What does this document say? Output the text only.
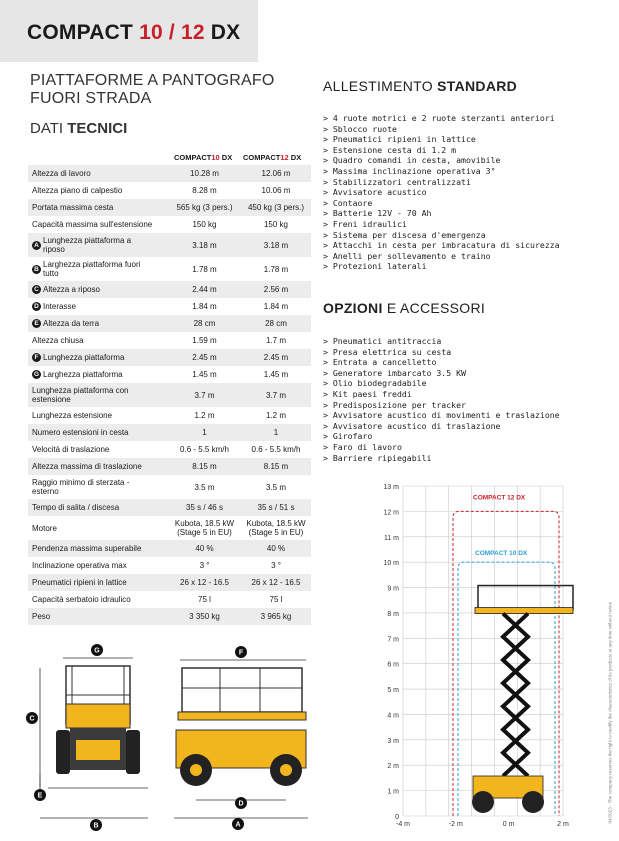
COMPACT 10 / 12 DX
PIATTAFORME A PANTOGRAFO
FUORI STRADA
DATI TECNICI
COMPACT10 DX COMPACT12 DX
Altezza di lavoro	10.28 m	12.06 m
Altezza piano di calpestio	8.28 m	10.06 m
Portata massima cesta	565 kg (3 pers.)	450 kg (3 pers.)
Capacità massima sull'estensione	150 kg	150 kg
A Lunghezza piattaforma a riposo	3.18 m	3.18 m
B Larghezza piattaforma fuori tutto	1.78 m	1.78 m
C Altezza a riposo	2.44 m	2.56 m
D Interasse	1.84 m	1.84 m
E Altezza da terra	28 cm	28 cm
Altezza chiusa	1.59 m	1.7 m
F Lunghezza piattaforma	2.45 m	2.45 m
G Larghezza piattaforma	1.45 m	1.45 m
Lunghezza piattaforma con estensione	3.7 m	3.7 m
Lunghezza estensione	1.2 m	1.2 m
Numero estensioni in cesta	1	1
Velocità di traslazione	0.6 - 5.5 km/h	0.6 - 5.5 km/h
Altezza massima di traslazione	8.15 m	8.15 m
Raggio minimo di sterzata - esterno	3.5 m	3.5 m
Tempo di salita / discesa	35 s / 46 s	35 s / 51 s
Motore	Kubota, 18.5 kW (Stage 5 in EU)	Kubota, 18.5 kW (Stage 5 in EU)
Pendenza massima superabile	40 %	40 %
Inclinazione operativa max	3 °	3 °
Pneumatici ripieni in lattice	26 x 12 - 16.5	26 x 12 - 16.5
Capacità serbatoio idraulico	75 l	75 l
Peso	3 350 kg	3 965 kg
ALLESTIMENTO STANDARD
> 4 ruote motrici e 2 ruote sterzanti anteriori
> Sblocco ruote
> Pneumatici ripieni in lattice
> Estensione cesta di 1.2 m
> Quadro comandi in cesta, amovibile
> Massima inclinazione operativa 3°
> Stabilizzatori centralizzati
> Avvisatore acustico
> Contaore
> Batterie 12V - 70 Ah
> Freni idraulici
> Sistema per discesa d'emergenza
> Attacchi in cesta per imbracatura di sicurezza
> Anelli per sollevamento e traino
> Protezioni laterali
OPZIONI E ACCESSORI
> Pneumatici antitraccia
> Presa elettrica su cesta
> Entrata a cancelletto
> Generatore imbarcato 3.5 KW
> Olio biodegradabile
> Kit paesi freddi
> Predisposizione per tracker
> Avvisatore acustico di movimenti e traslazione
> Avvisatore acustico di traslazione
> Girofaro
> Faro di lavoro
> Barriere ripiegabili
0
1 m
2 m
3 m
4 m
5 m
6 m
7 m
8 m
9 m
10 m
11 m
12 m
13 m
-4 m	-2 m	0 m	2 m
COMPACT 12 DX
COMPACT 10 DX
04/2023 - The company reserves the right to modify the characteristics of its products at any time without notice
G
C
E
B
F
D
A
